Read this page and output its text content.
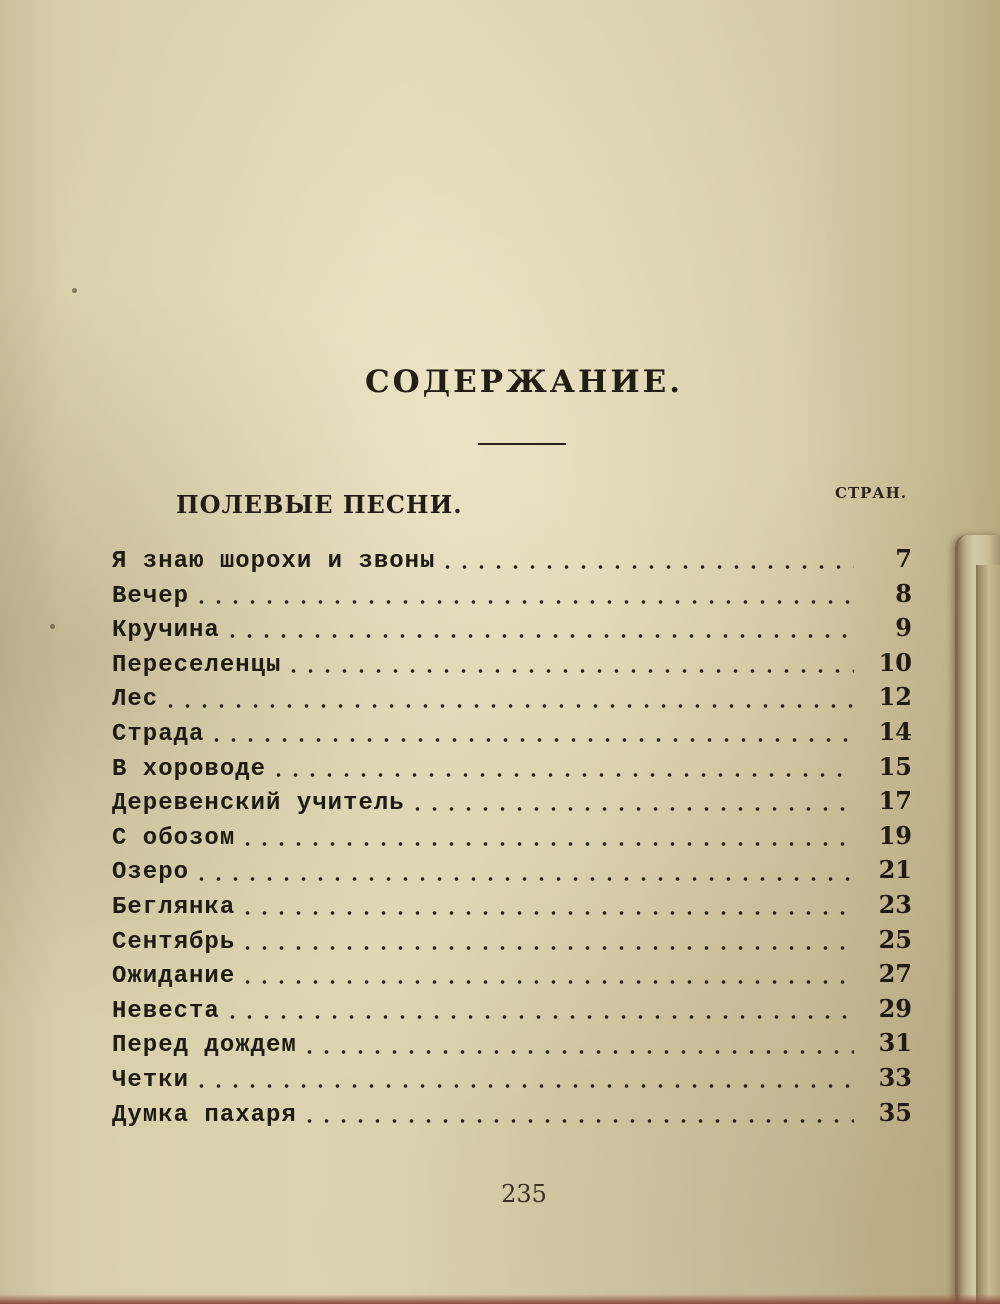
СОДЕРЖАНИЕ.
ПОЛЕВЫЕ ПЕСНИ.	СТРАН.
Я знаю шорохи и звоны	7
Вечер	8
Кручина	9
Переселенцы	10
Лес	12
Страда	14
В хороводе	15
Деревенский учитель	17
С обозом	19
Озеро	21
Беглянка	23
Сентябрь	25
Ожидание	27
Невеста	29
Перед дождем	31
Четки	33
Думка пахаря	35
235
